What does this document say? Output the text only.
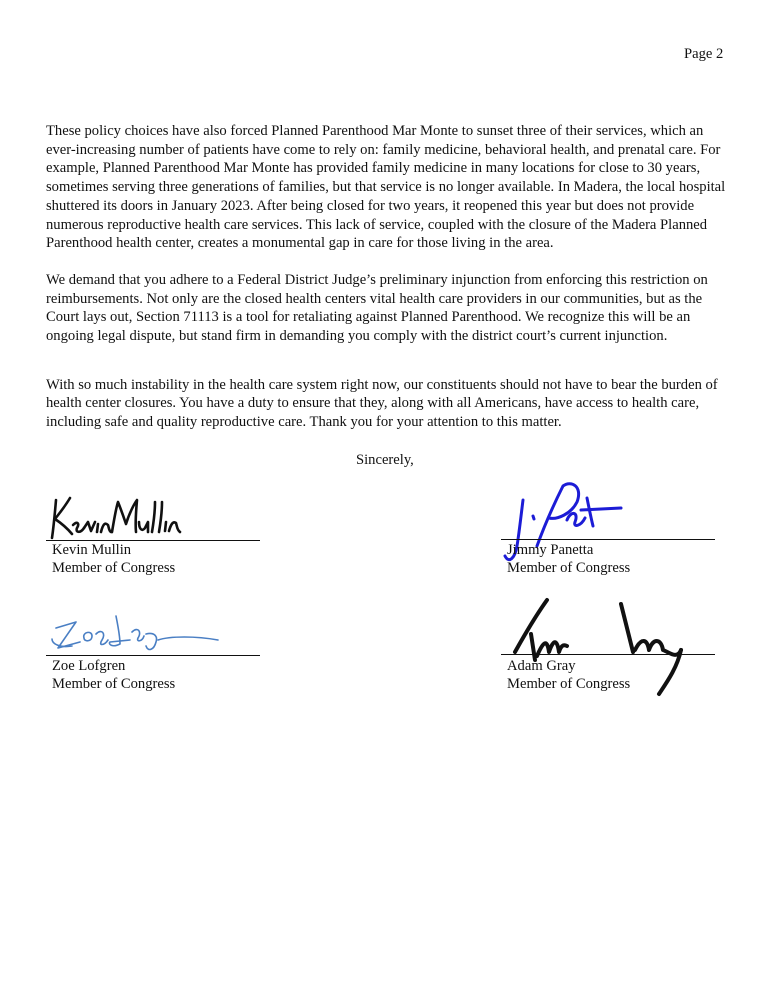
Page 2

These policy choices have also forced Planned Parenthood Mar Monte to sunset three of their services, which an ever-increasing number of patients have come to rely on: family medicine, behavioral health, and prenatal care. For example, Planned Parenthood Mar Monte has provided family medicine in many locations for close to 30 years, sometimes serving three generations of families, but that service is no longer available. In Madera, the local hospital shuttered its doors in January 2023. After being closed for two years, it reopened this year but does not provide numerous reproductive health care services. This lack of service, coupled with the closure of the Madera Planned Parenthood health center, creates a monumental gap in care for those living in the area.

We demand that you adhere to a Federal District Judge’s preliminary injunction from enforcing this restriction on reimbursements. Not only are the closed health centers vital health care providers in our communities, but as the Court lays out, Section 71113 is a tool for retaliating against Planned Parenthood. We recognize this will be an ongoing legal dispute, but stand firm in demanding you comply with the district court’s current injunction.

With so much instability in the health care system right now, our constituents should not have to bear the burden of health center closures. You have a duty to ensure that they, along with all Americans, have access to health care, including safe and quality reproductive care. Thank you for your attention to this matter.

Sincerely,
Kevin Mullin
Member of Congress
Jimmy Panetta
Member of Congress
Zoe Lofgren
Member of Congress
Adam Gray
Member of Congress
